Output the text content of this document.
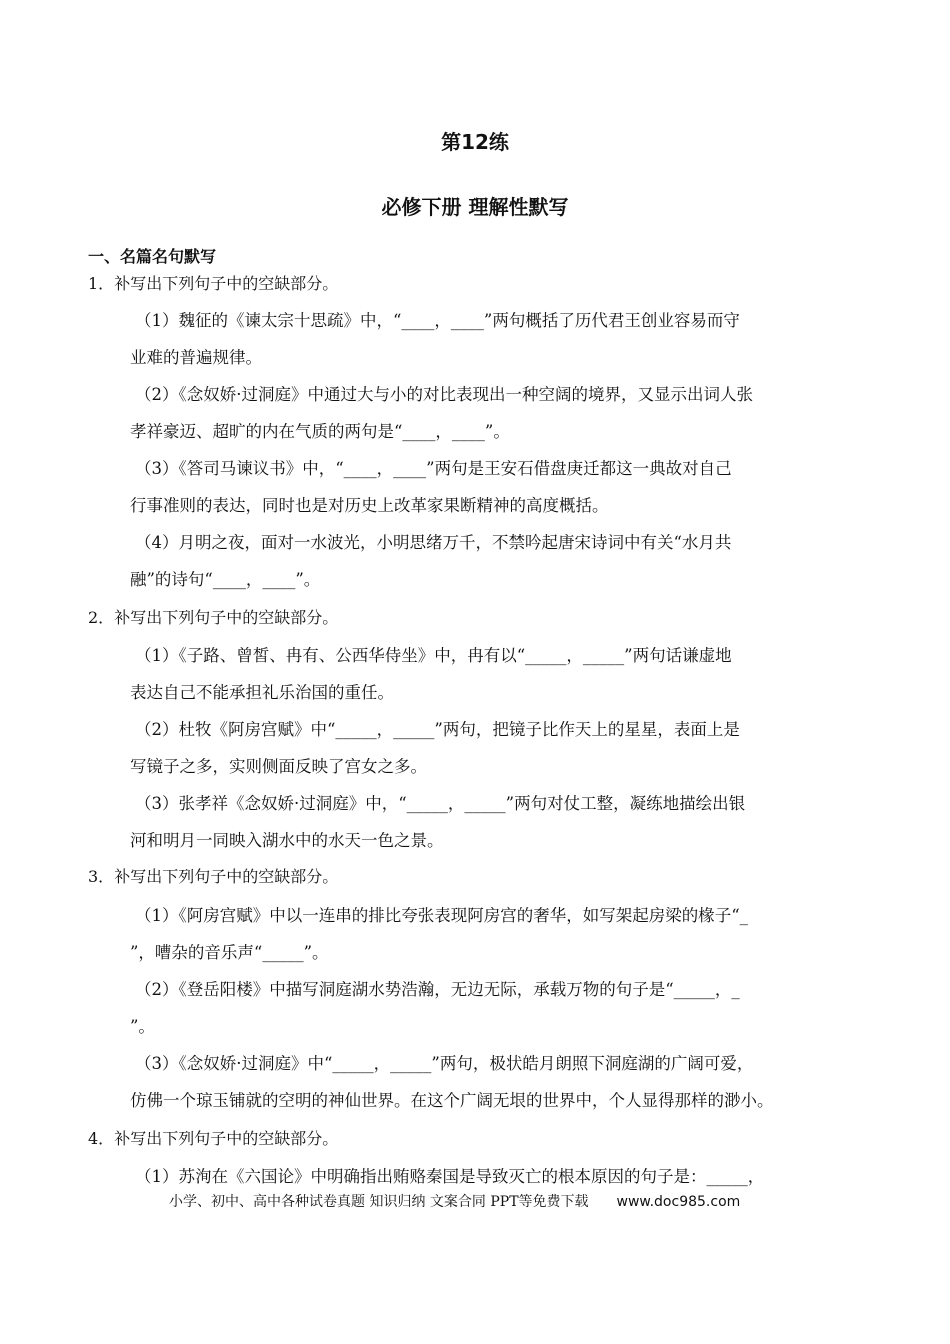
第12练
必修下册 理解性默写
一、名篇名句默写
1．补写出下列句子中的空缺部分。
（1）魏征的《谏太宗十思疏》中，“____，____”两句概括了历代君王创业容易而守
业难的普遍规律。
（2）《念奴娇·过洞庭》中通过大与小的对比表现出一种空阔的境界，又显示出词人张
孝祥豪迈、超旷的内在气质的两句是“____，____”。
（3）《答司马谏议书》中，“____，____”两句是王安石借盘庚迁都这一典故对自己
行事准则的表达，同时也是对历史上改革家果断精神的高度概括。
（4）月明之夜，面对一水波光，小明思绪万千，不禁吟起唐宋诗词中有关“水月共
融”的诗句“____，____”。
2．补写出下列句子中的空缺部分。
（1）《子路、曾皙、冉有、公西华侍坐》中，冉有以“_____，_____”两句话谦虚地
表达自己不能承担礼乐治国的重任。
（2）杜牧《阿房宫赋》中“_____，_____”两句，把镜子比作天上的星星，表面上是
写镜子之多，实则侧面反映了宫女之多。
（3）张孝祥《念奴娇·过洞庭》中，“_____，_____”两句对仗工整，凝练地描绘出银
河和明月一同映入湖水中的水天一色之景。
3．补写出下列句子中的空缺部分。
（1）《阿房宫赋》中以一连串的排比夸张表现阿房宫的奢华，如写架起房梁的椽子“_
”，嘈杂的音乐声“_____”。
（2）《登岳阳楼》中描写洞庭湖水势浩瀚，无边无际，承载万物的句子是“_____，_
”。
（3）《念奴娇·过洞庭》中“_____，_____”两句，极状皓月朗照下洞庭湖的广阔可爱，
仿佛一个琼玉铺就的空明的神仙世界。在这个广阔无垠的世界中，个人显得那样的渺小。
4．补写出下列句子中的空缺部分。
（1）苏洵在《六国论》中明确指出贿赂秦国是导致灭亡的根本原因的句子是：_____，
小学、初中、高中各种试卷真题 知识归纳 文案合同 PPT等免费下载 www.doc985.com
